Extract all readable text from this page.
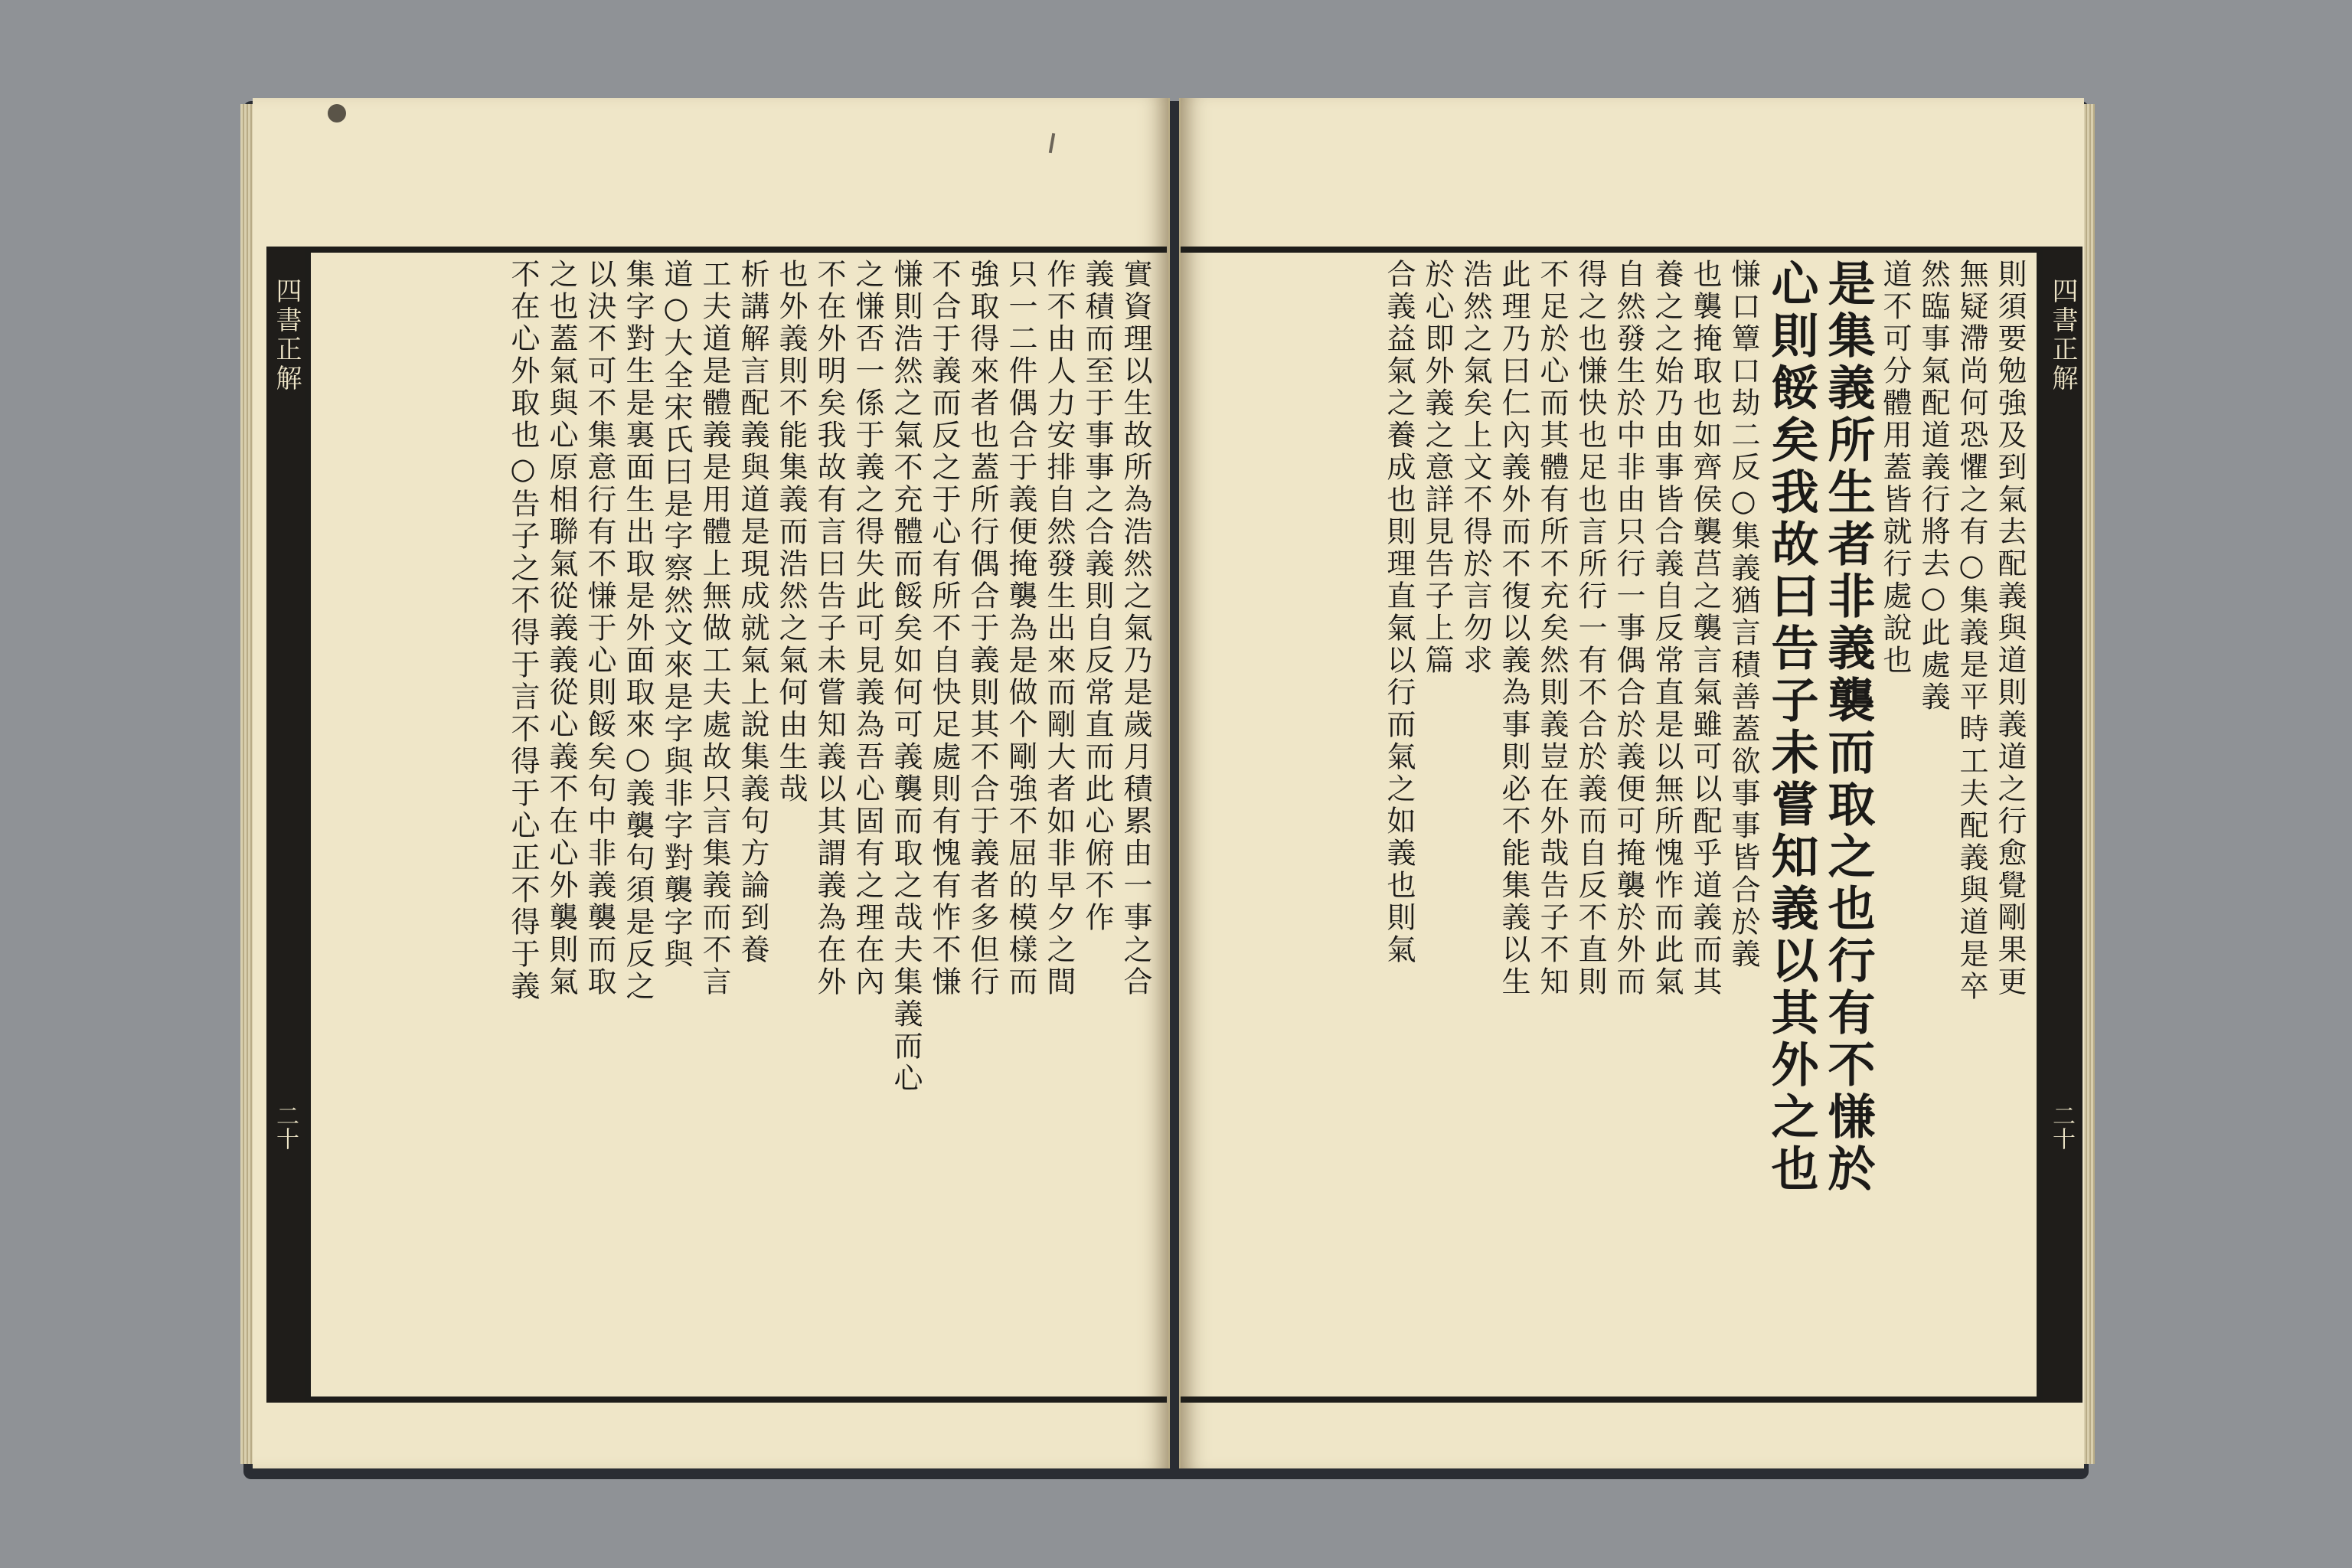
四書正解
二十
實資理以生故所為浩然之氣乃是歲月積累由一事之合
義積而至于事事之合義則自反常直而此心俯不作
作不由人力安排自然發生出來而剛大者如非早夕之間
只一二件偶合于義便掩襲為是做个剛強不屈的模樣而
強取得來者也蓋所行偶合于義則其不合于義者多但行
不合于義而反之于心有所不自快足處則有愧有怍不慊
慊則浩然之氣不充體而餒矣如何可義襲而取之哉夫集義而心
之慊否一係于義之得失此可見義為吾心固有之理在內
不在外明矣我故有言曰告子未嘗知義以其謂義為在外
也外義則不能集義而浩然之氣何由生哉
析講解言配義與道是現成就氣上說集義句方論到養
工夫道是體義是用體上無做工夫處故只言集義而不言
道○大全宋氏曰是字察然文來是字與非字對襲字與
集字對生是裏面生出取是外面取來○義襲句須是反之
以決不可不集意行有不慊于心則餒矣句中非義襲而取
之也蓋氣與心原相聯氣從義義從心義不在心外襲則氣
不在心外取也○告子之不得于言不得于心正不得于義	四書正解
二十
則須要勉強及到氣去配義與道則義道之行愈覺剛果更
無疑滯尚何恐懼之有○集義是平時工夫配義與道是卒
然臨事氣配道義行將去○此處義
道不可分體用蓋皆就行處說也
是集義所生者非義襲而取之也行有不慊於
心則餒矣我故曰告子未嘗知義以其外之也
慊口簟口劫二反○集義猶言積善蓋欲事事皆合於義
也襲掩取也如齊侯襲莒之襲言氣雖可以配乎道義而其
養之之始乃由事皆合義自反常直是以無所愧怍而此氣
自然發生於中非由只行一事偶合於義便可掩襲於外而
得之也慊快也足也言所行一有不合於義而自反不直則
不足於心而其體有所不充矣然則義豈在外哉告子不知
此理乃曰仁內義外而不復以義為事則必不能集義以生
浩然之氣矣上文不得於言勿求
於心即外義之意詳見告子上篇
合義益氣之養成也則理直氣以行而氣之如義也則氣
